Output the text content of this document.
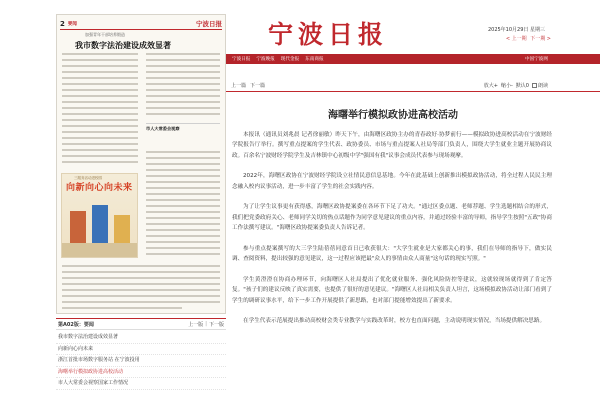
2 要闻	宁波日报
加强青年干部培养锻造
我市数字法治建设成效显著
市人大常委会视察
三服务活动进校园
向新向心向未来
第A02版：要闻	上一版 | 下一版
我市数字法治建设成效显著
向新向心向未来
浙江首批市场数字服务站 在宁波投用
海曙举行模拟政协进高校活动
市人大常委会视察国家工作情况
宁波日报	2025年10月29日 星期三
< 上一期 下一期 >
宁波日报 宁波晚报 现代金报 东南商报	中国宁波网
上一篇 下一篇	放大+ 缩小- 默认0 朗读
海曙举行模拟政协进高校活动

本报讯（通讯员刘兆晨 记者徐丽敏）昨天下午，由海曙区政协主办的青春政好·协梦前行——模拟政协进高校活动在宁波财经学院报告厅举行。撰写重点提案的学生代表、政协委员、市场与重点提案人社局等部门负责人，围绕大学生就业主题开展协商议政。百余名宁波财经学院学生及吉林镇中心初级中学"强国有我"议事会成员代表参与现场观摩。

2022年，海曙区政协在宁波财经学院设立社情民意信息基地。今年在此基础上创新推出模拟政协活动，将全过程人民民主理念融入校内议事活动，进一步丰富了学生的社会实践内容。

为了让学生议事更有获得感，海曙区政协提案委在各环节下足了功夫。"通过区委点题、老师荐题、学生选题相结合的形式，我们把党委政府关心、老师同学关切的热点话题作为同学意见建议的重点内容，并通过经验丰富的导师，指导学生按照"五政"协商工作法撰写建议。"海曙区政协提案委负责人告诉记者。

参与重点提案撰写的大三学生陆蓓蓓同意首日已收获很大："大学生就业是大家都关心的事，我们在导师的指导下，做实民调、查阅资料，提出较强的意见建议，这一过程应该把最"众人的事情由众人商量"这句话的现实写照。"

学生黄澄澄在协商办理环节，向海曙区人社局提出了优化就业服务、强化风险防控等建议，这就较现场就得到了肯定答复。"孩子们的建议反映了真实需要，也提供了很好的意见建议。"海曙区人社局相关负责人坦言，这场模拟政协活动让部门看到了学生的调研议事水平，给下一步工作开展提供了新思路，也对部门提能增效提出了新要求。

在学生代表示范展提出推动高校财会类专业教学与实践改革时，校方也直面问题，主动说明现实情况，当场提供解决思路。
